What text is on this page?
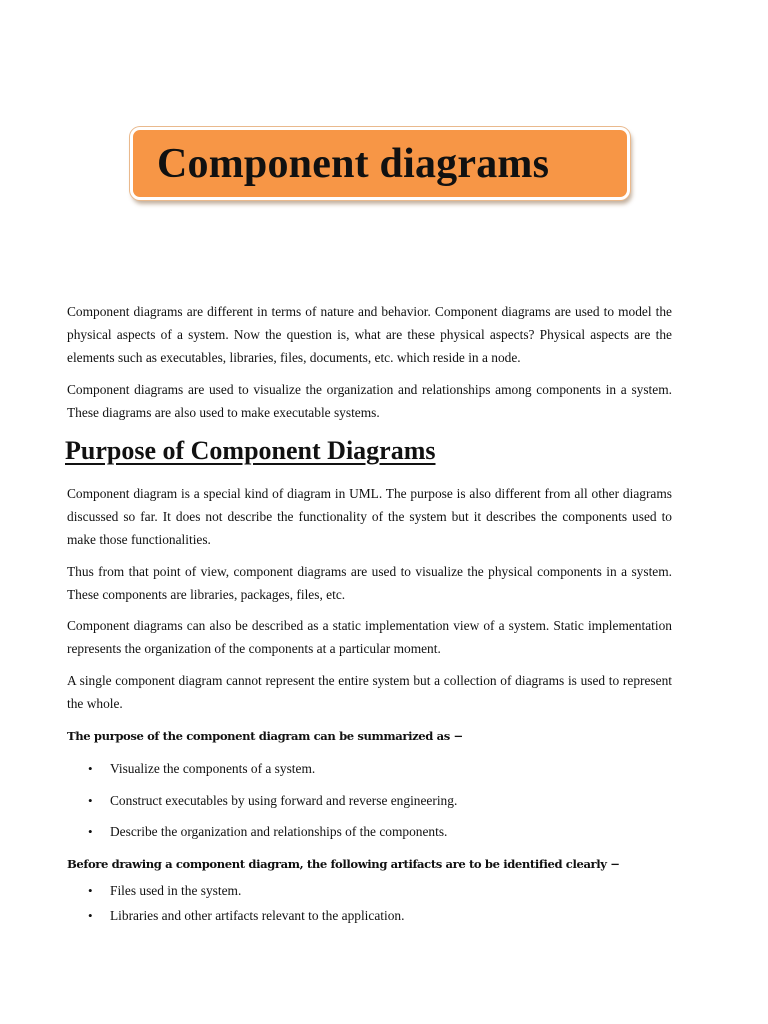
Component diagrams

Component diagrams are different in terms of nature and behavior. Component diagrams are used to model the physical aspects of a system. Now the question is, what are these physical aspects? Physical aspects are the elements such as executables, libraries, files, documents, etc. which reside in a node.

Component diagrams are used to visualize the organization and relationships among components in a system. These diagrams are also used to make executable systems.

Purpose of Component Diagrams

Component diagram is a special kind of diagram in UML. The purpose is also different from all other diagrams discussed so far. It does not describe the functionality of the system but it describes the components used to make those functionalities.

Thus from that point of view, component diagrams are used to visualize the physical components in a system. These components are libraries, packages, files, etc.

Component diagrams can also be described as a static implementation view of a system. Static implementation represents the organization of the components at a particular moment.

A single component diagram cannot represent the entire system but a collection of diagrams is used to represent the whole.

The purpose of the component diagram can be summarized as −

•	Visualize the components of a system.
•	Construct executables by using forward and reverse engineering.
•	Describe the organization and relationships of the components.

Before drawing a component diagram, the following artifacts are to be identified clearly −

•	Files used in the system.
•	Libraries and other artifacts relevant to the application.
